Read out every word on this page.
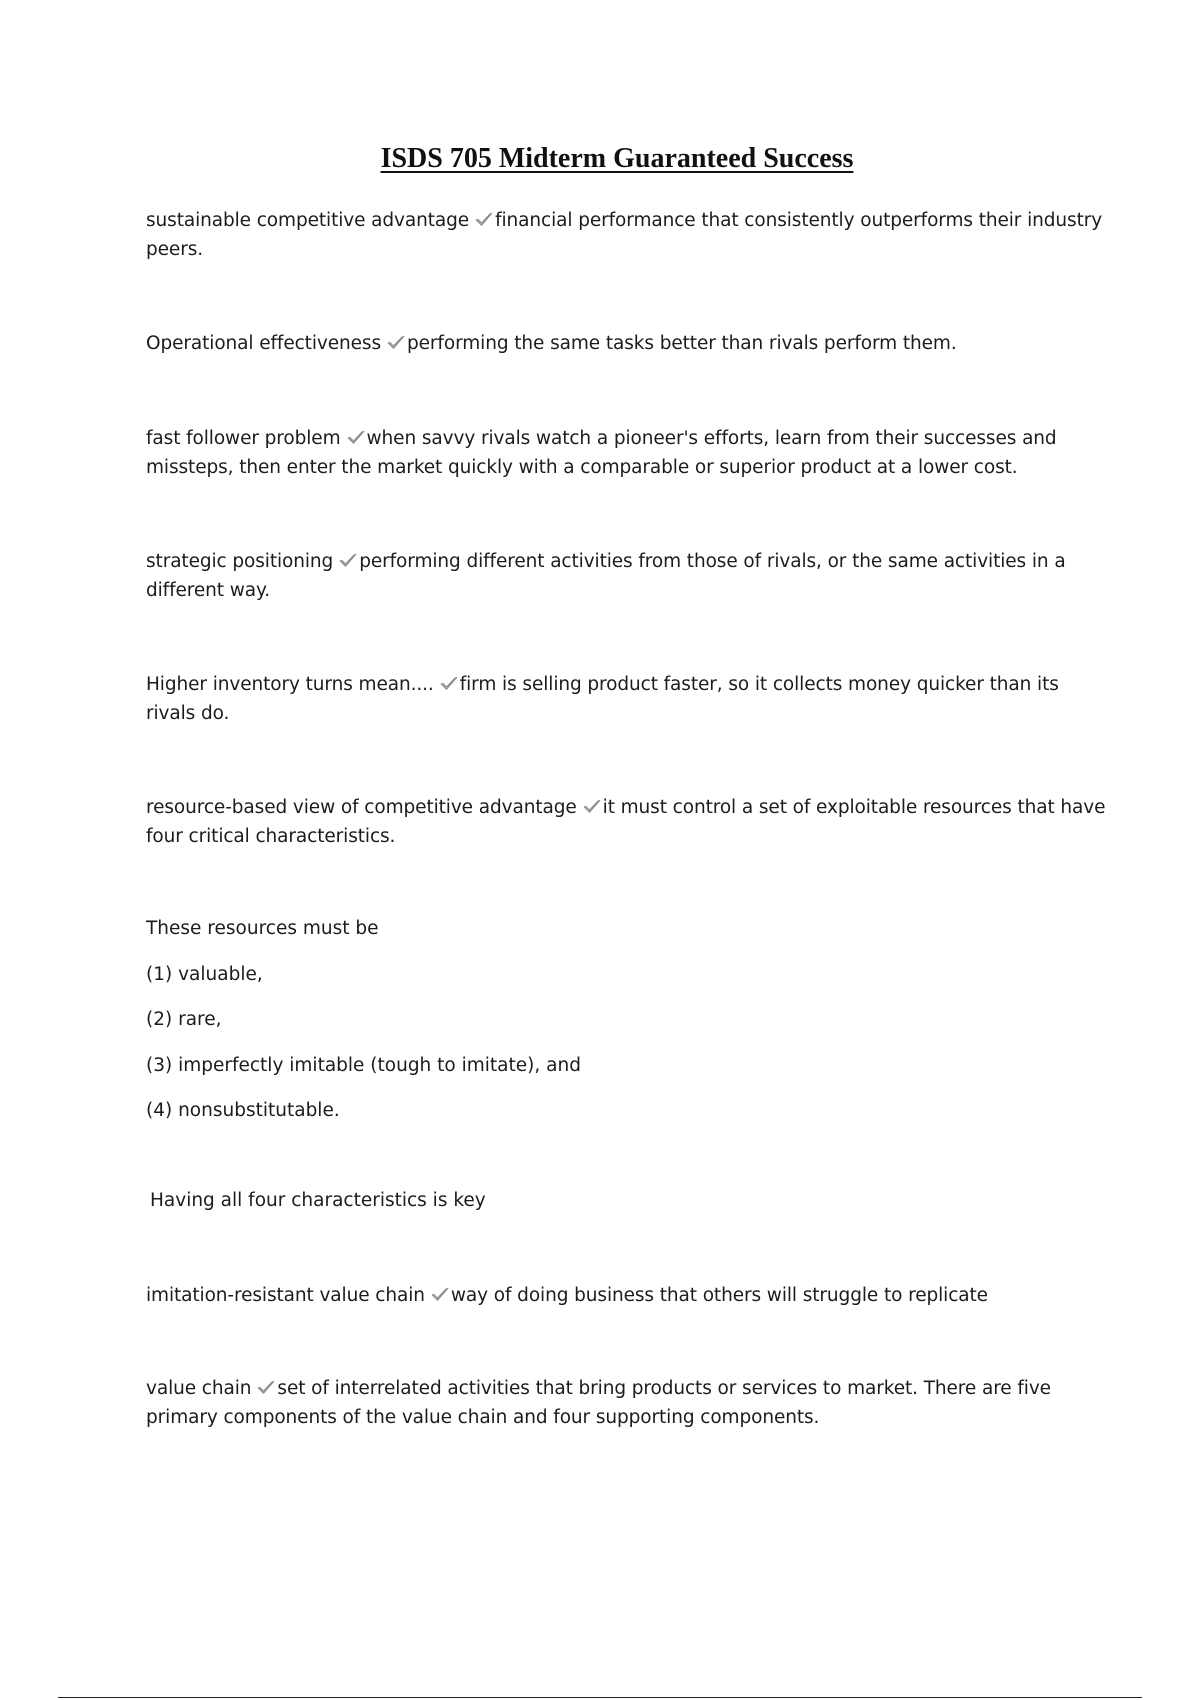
ISDS 705 Midterm Guaranteed Success
sustainable competitive advantage financial performance that consistently outperforms their industry peers.
Operational effectiveness performing the same tasks better than rivals perform them.
fast follower problem when savvy rivals watch a pioneer's efforts, learn from their successes and missteps, then enter the market quickly with a comparable or superior product at a lower cost.
strategic positioning performing different activities from those of rivals, or the same activities in a different way.
Higher inventory turns mean.... firm is selling product faster, so it collects money quicker than its rivals do.
resource-based view of competitive advantage it must control a set of exploitable resources that have four critical characteristics.
These resources must be
(1) valuable,
(2) rare,
(3) imperfectly imitable (tough to imitate), and
(4) nonsubstitutable.
Having all four characteristics is key
imitation-resistant value chain way of doing business that others will struggle to replicate
value chain set of interrelated activities that bring products or services to market. There are five primary components of the value chain and four supporting components.
